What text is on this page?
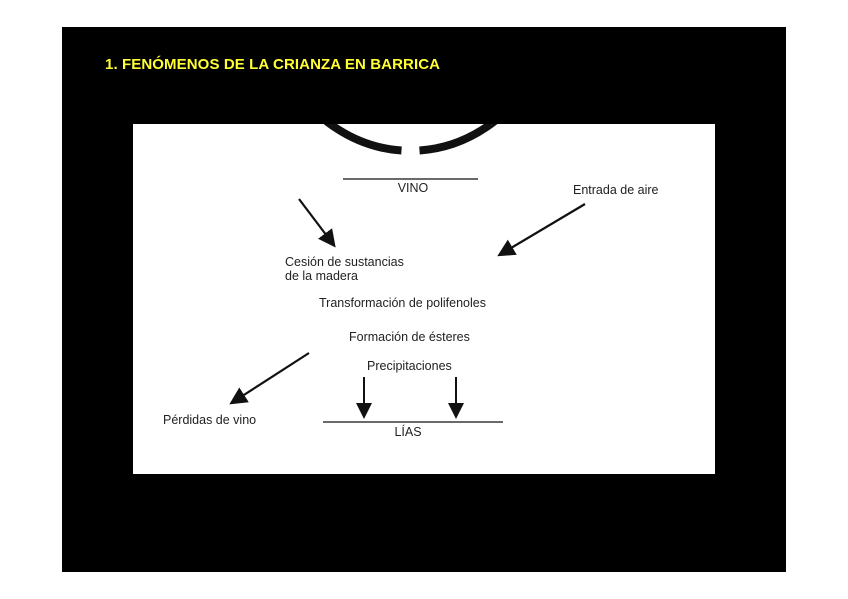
1. FENÓMENOS DE LA CRIANZA EN BARRICA
VINO
LÍAS
Cesión de sustancias
de la madera
Entrada de aire
Transformación de polifenoles
Formación de ésteres
Precipitaciones
Pérdidas de vino
